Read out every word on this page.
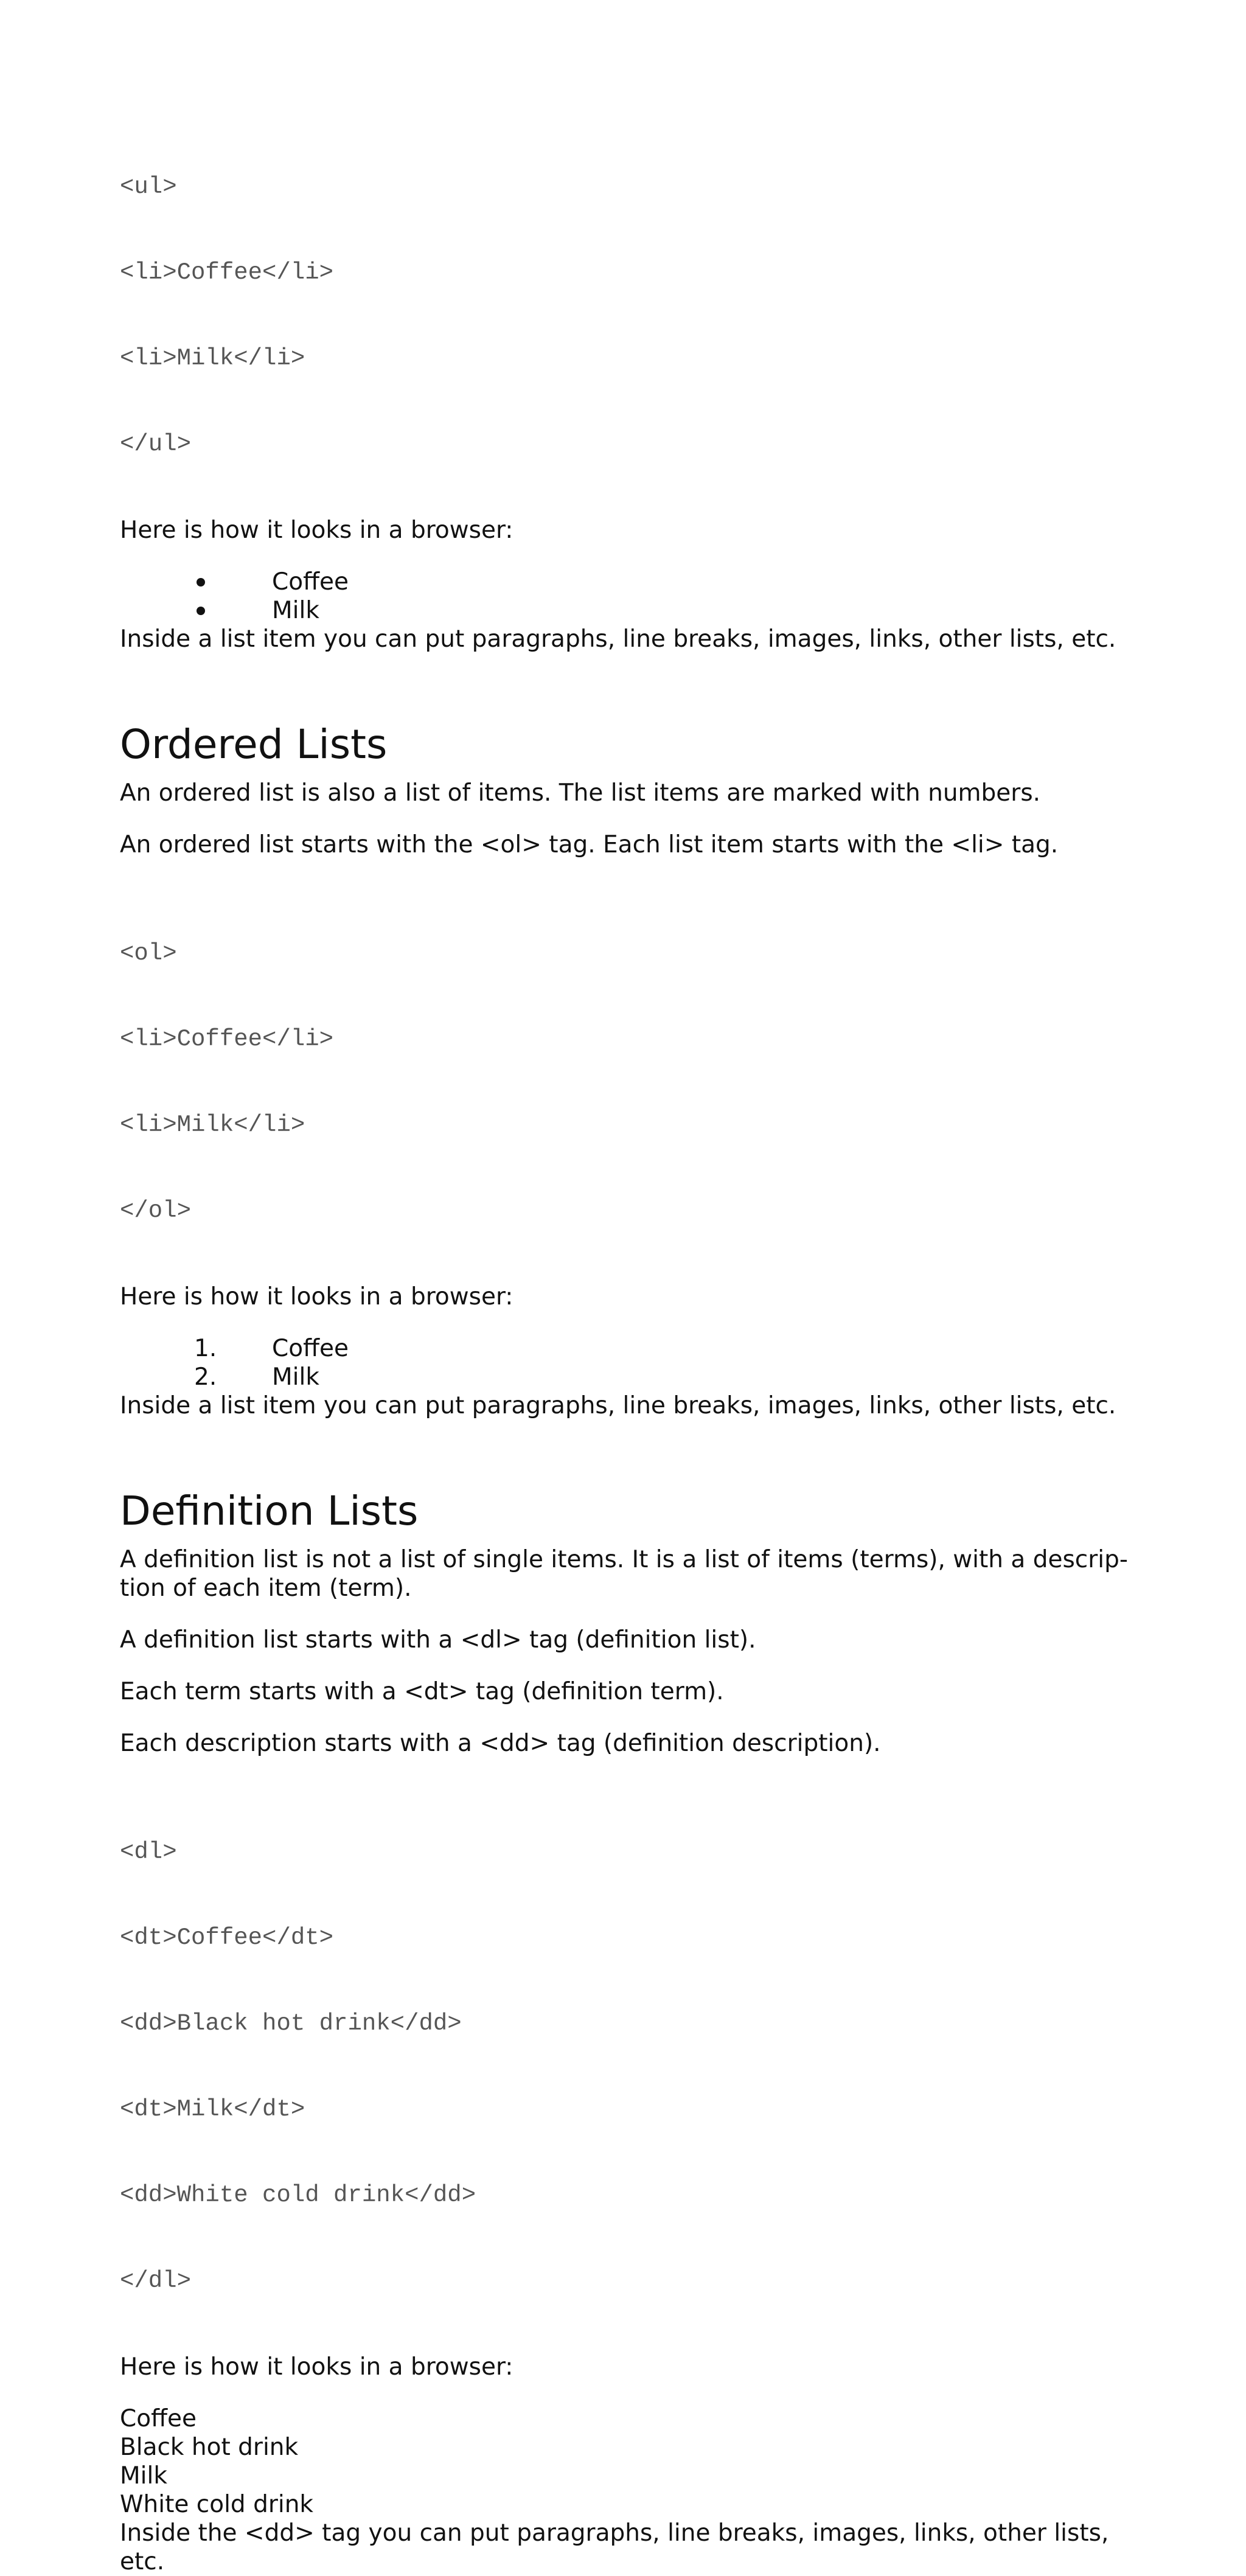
<ul>

<li>Coffee</li>

<li>Milk</li>

</ul>

Here is how it looks in a browser:
Coffee
Milk
Inside a list item you can put paragraphs, line breaks, images, links, other lists, etc.
Ordered Lists
An ordered list is also a list of items. The list items are marked with numbers.
An ordered list starts with the <ol> tag. Each list item starts with the <li> tag.

<ol>

<li>Coffee</li>

<li>Milk</li>

</ol>

Here is how it looks in a browser:
1.	Coffee
2.	Milk
Inside a list item you can put paragraphs, line breaks, images, links, other lists, etc.
Definition Lists
A definition list is not a list of single items. It is a list of items (terms), with a descrip-
tion of each item (term).
A definition list starts with a <dl> tag (definition list).
Each term starts with a <dt> tag (definition term).
Each description starts with a <dd> tag (definition description).

<dl>

<dt>Coffee</dt>

<dd>Black hot drink</dd>

<dt>Milk</dt>

<dd>White cold drink</dd>

</dl>

Here is how it looks in a browser:
Coffee
Black hot drink
Milk
White cold drink
Inside the <dd> tag you can put paragraphs, line breaks, images, links, other lists,
etc.
